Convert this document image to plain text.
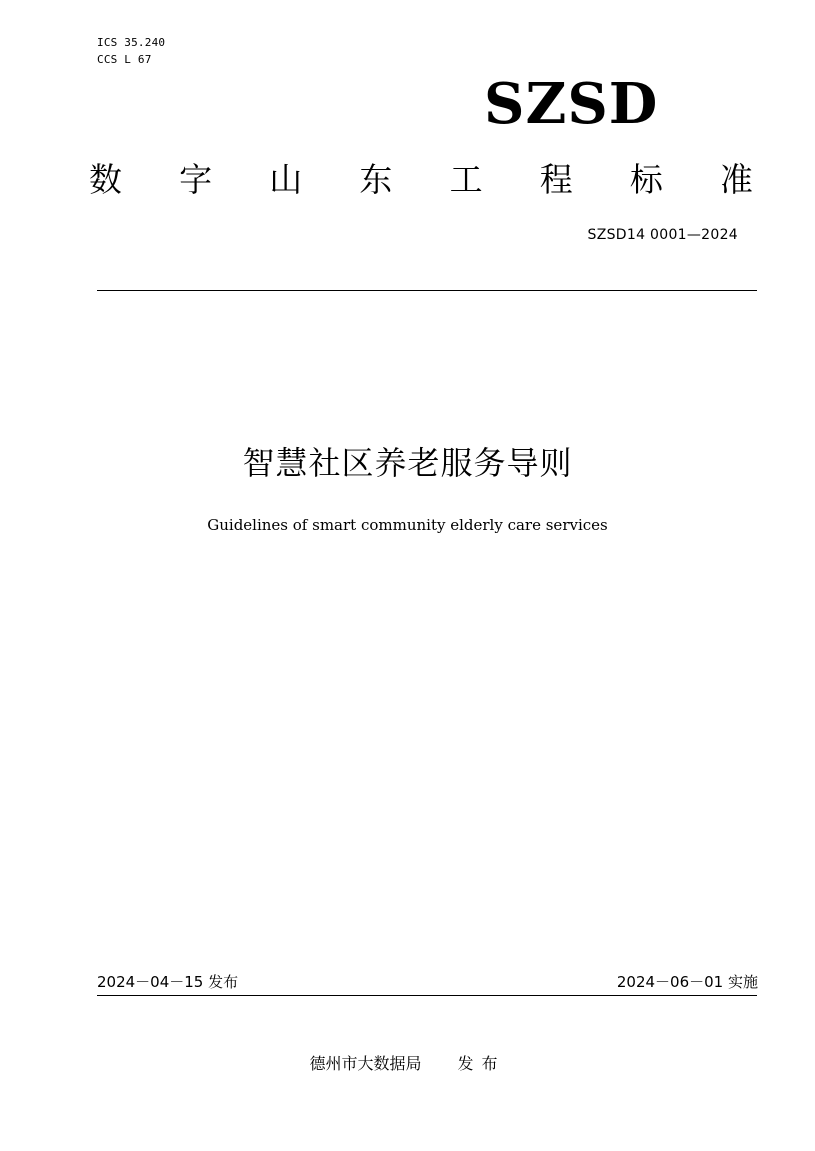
ICS 35.240
CCS L 67
SZSD
数 字 山 东 工 程 标 准
SZSD14 0001—2024
智慧社区养老服务导则
Guidelines of smart community elderly care services
2024－04－15 发布	2024－06－01 实施
德州市大数据局 发布
